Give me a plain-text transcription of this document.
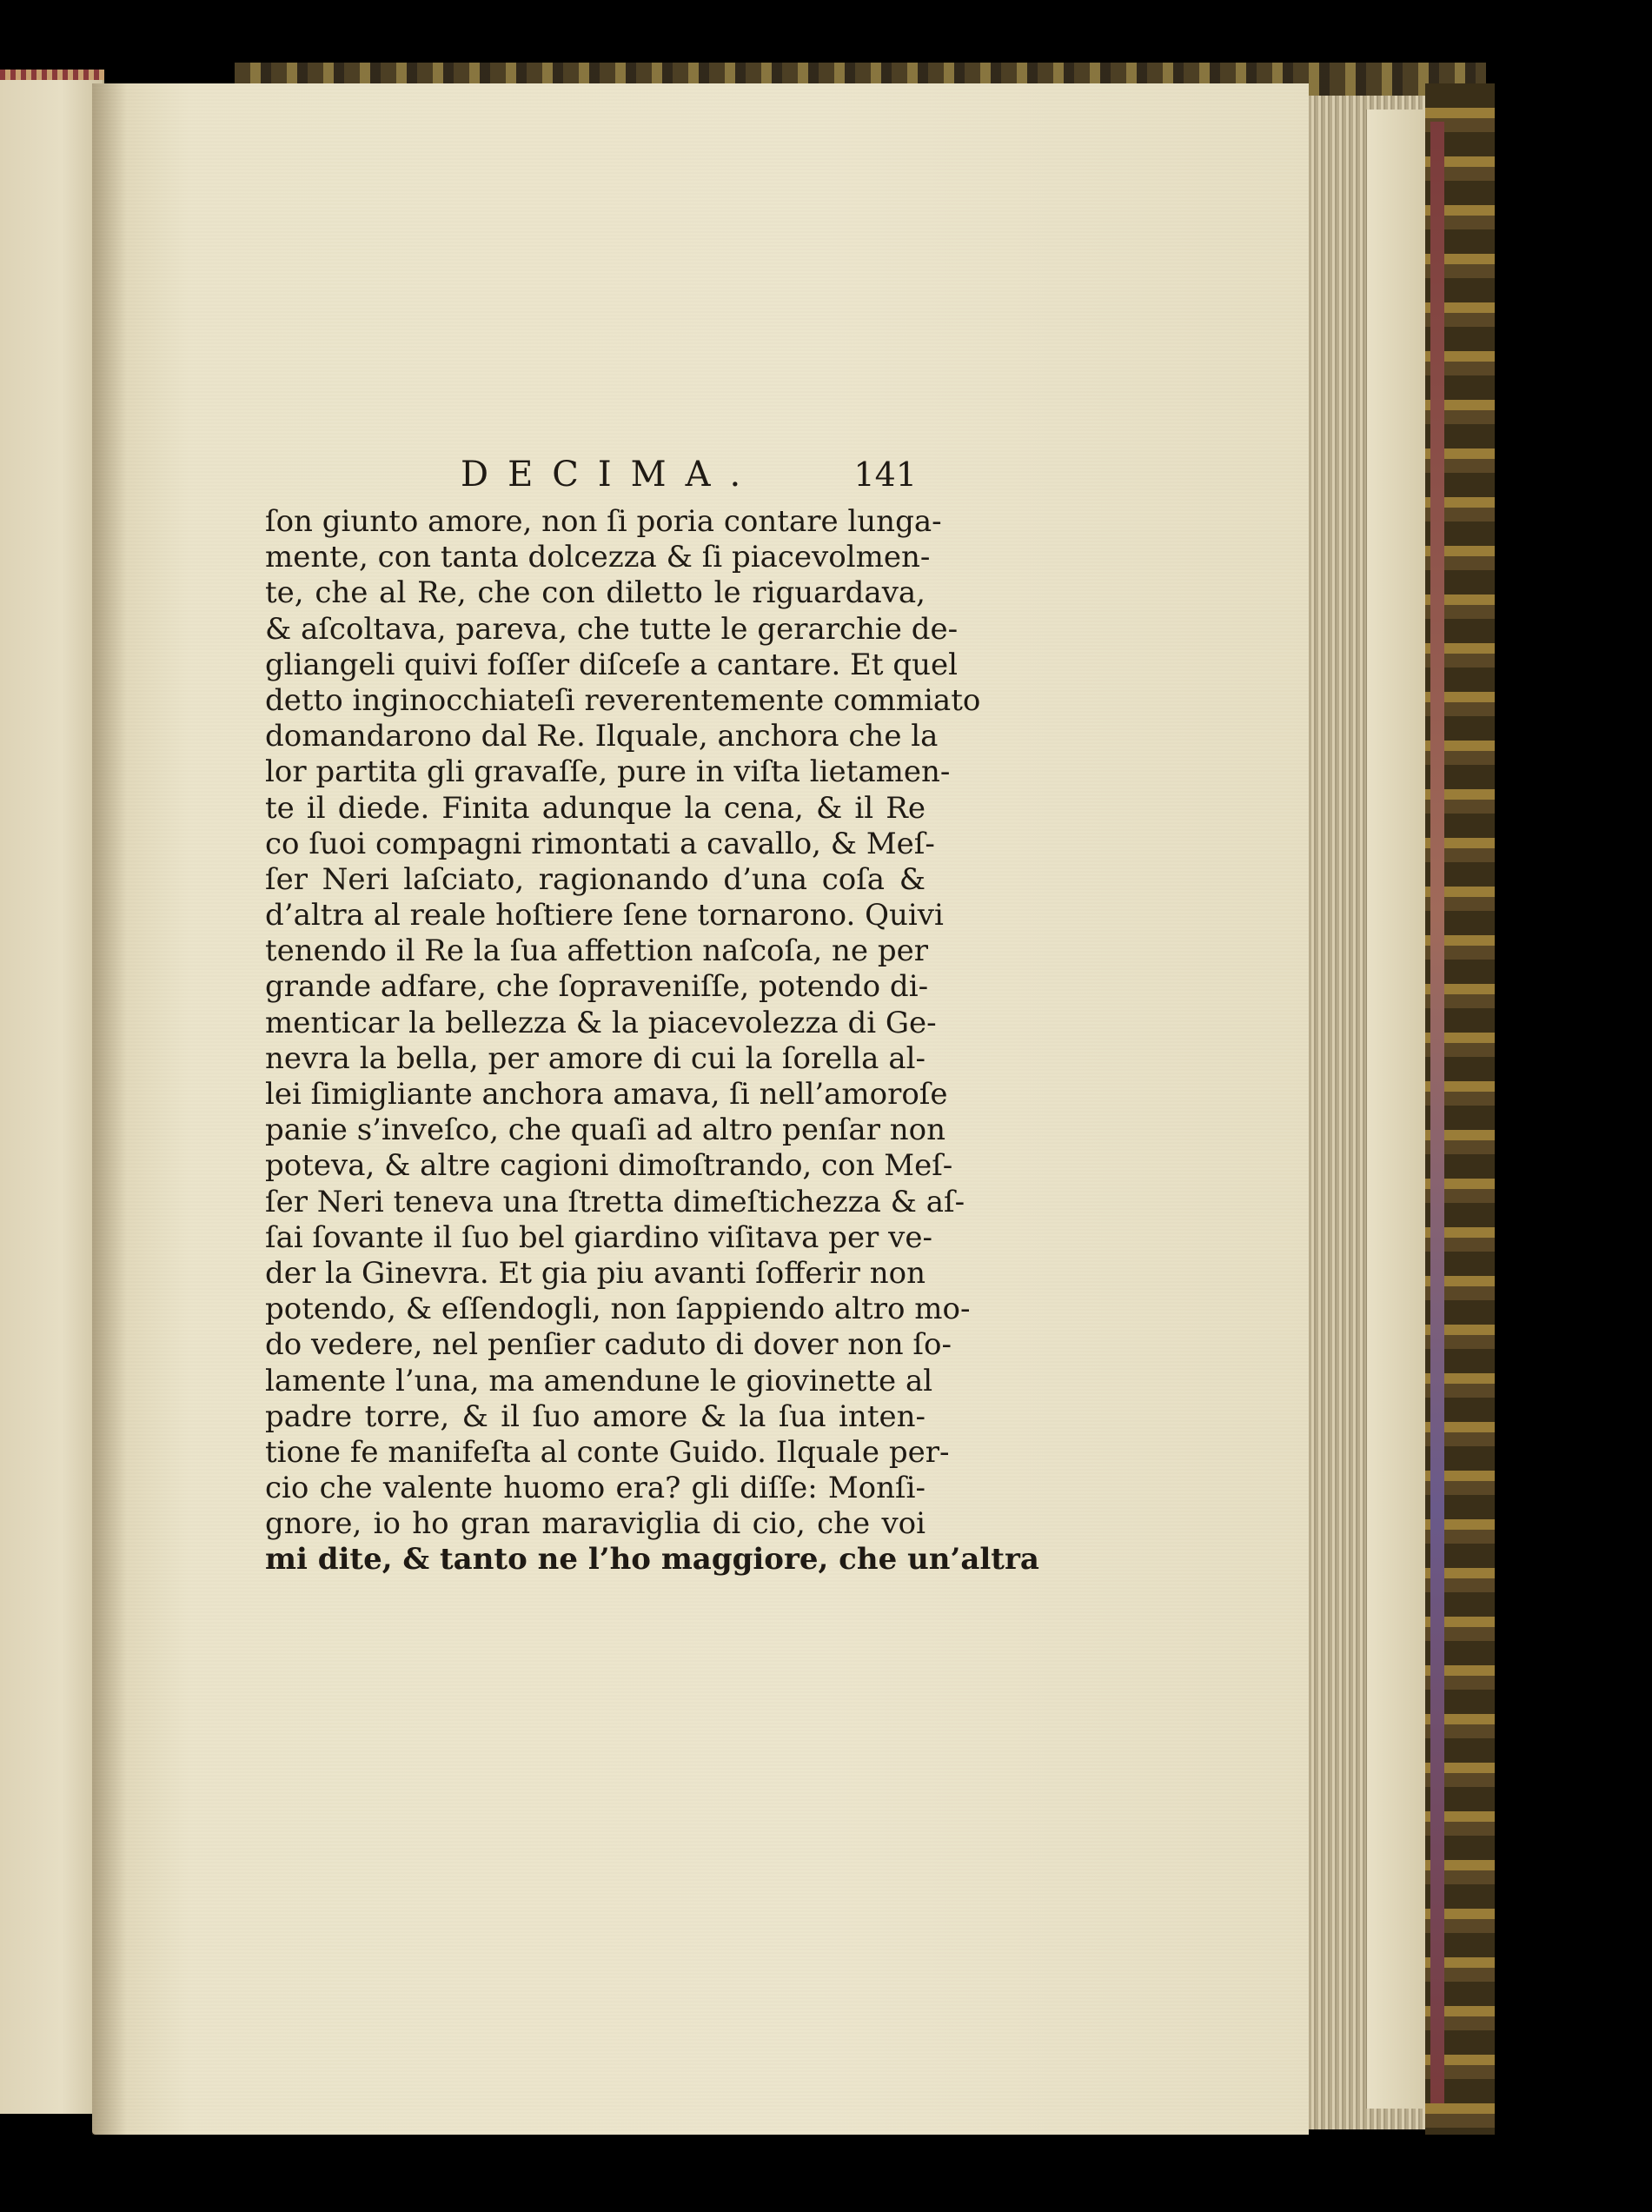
DECIMA.	141
ſon giunto amore, non ſi poria contare lunga-
mente, con tanta dolcezza & ſi piacevolmen-
te, che al Re, che con diletto le riguardava,
& aſcoltava, pareva, che tutte le gerarchie de-
gliangeli quivi foſſer diſceſe a cantare. Et quel
detto inginocchiateſi reverentemente commiato
domandarono dal Re. Ilquale, anchora che la
lor partita gli gravaſſe, pure in viſta lietamen-
te il diede. Finita adunque la cena, & il Re
co ſuoi compagni rimontati a cavallo, & Meſ-
ſer Neri laſciato, ragionando d’una coſa &
d’altra al reale hoſtiere ſene tornarono. Quivi
tenendo il Re la ſua affettion naſcoſa, ne per
grande adfare, che ſopraveniſſe, potendo di-
menticar la bellezza & la piacevolezza di Ge-
nevra la bella, per amore di cui la ſorella al-
lei ſimigliante anchora amava, ſi nell’amoroſe
panie s’inveſco, che quaſi ad altro penſar non
poteva, & altre cagioni dimoſtrando, con Meſ-
ſer Neri teneva una ſtretta dimeſtichezza & aſ-
ſai ſovante il ſuo bel giardino viſitava per ve-
der la Ginevra. Et gia piu avanti ſofferir non
potendo, & eſſendogli, non ſappiendo altro mo-
do vedere, nel penſier caduto di dover non ſo-
lamente l’una, ma amendune le giovinette al
padre torre, & il ſuo amore & la ſua inten-
tione fe manifeſta al conte Guido. Ilquale per-
cio che valente huomo era? gli diſſe: Monſi-
gnore, io ho gran maraviglia di cio, che voi
mi dite, & tanto ne l’ho maggiore, che un’altra
